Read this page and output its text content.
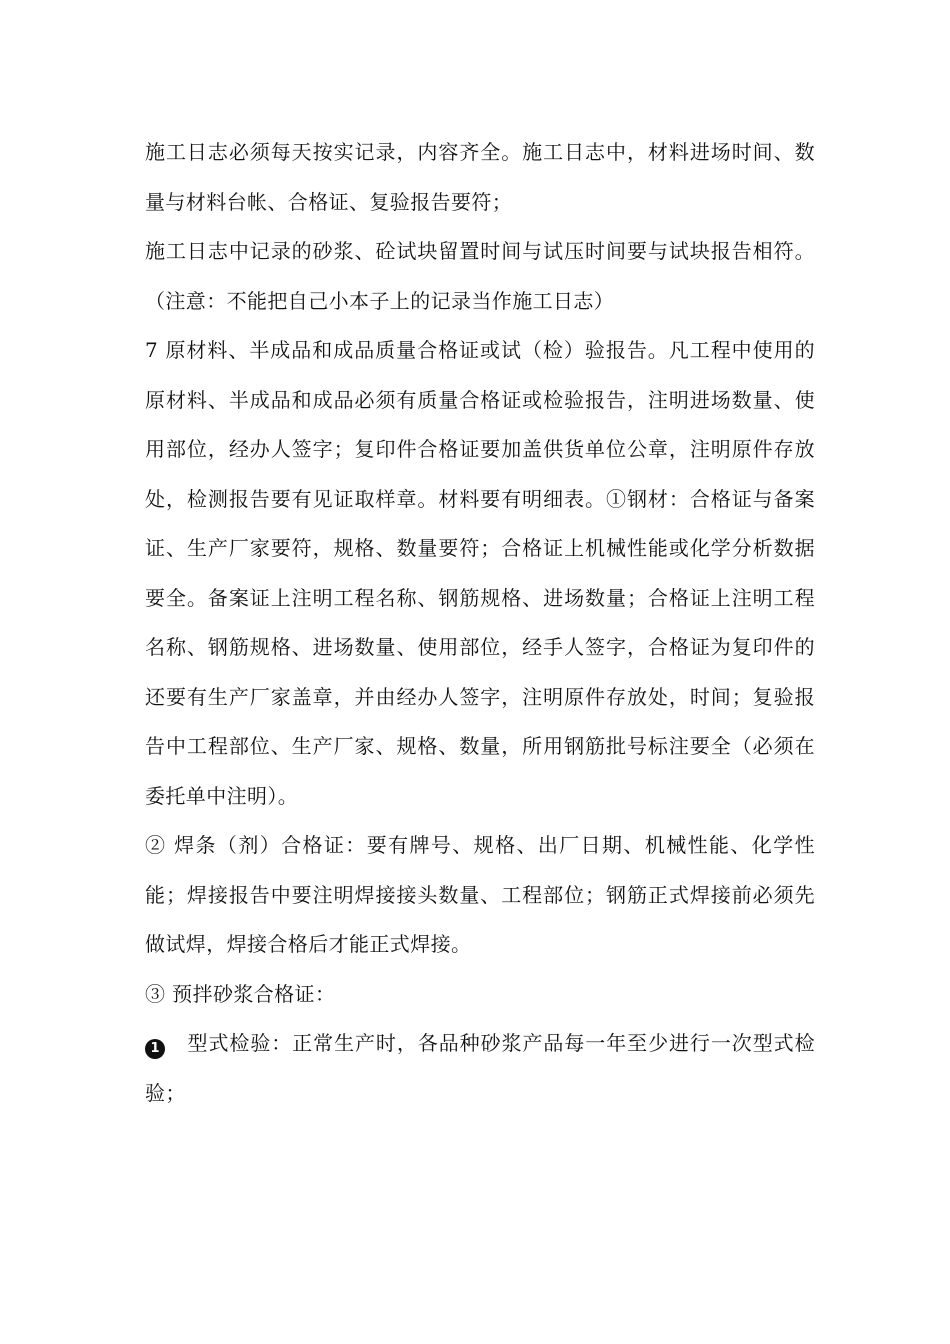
施工日志必须每天按实记录，内容齐全。施工日志中，材料进场时间、数量与材料台帐、合格证、复验报告要符；

施工日志中记录的砂浆、砼试块留置时间与试压时间要与试块报告相符。（注意：不能把自己小本子上的记录当作施工日志）

7 原材料、半成品和成品质量合格证或试（检）验报告。凡工程中使用的原材料、半成品和成品必须有质量合格证或检验报告，注明进场数量、使用部位，经办人签字；复印件合格证要加盖供货单位公章，注明原件存放处，检测报告要有见证取样章。材料要有明细表。①钢材：合格证与备案证、生产厂家要符，规格、数量要符；合格证上机械性能或化学分析数据要全。备案证上注明工程名称、钢筋规格、进场数量；合格证上注明工程名称、钢筋规格、进场数量、使用部位，经手人签字，合格证为复印件的还要有生产厂家盖章，并由经办人签字，注明原件存放处，时间；复验报告中工程部位、生产厂家、规格、数量，所用钢筋批号标注要全（必须在委托单中注明）。

② 焊条（剂）合格证：要有牌号、规格、出厂日期、机械性能、化学性能；焊接报告中要注明焊接接头数量、工程部位；钢筋正式焊接前必须先做试焊，焊接合格后才能正式焊接。

③ 预拌砂浆合格证：

1 型式检验：正常生产时，各品种砂浆产品每一年至少进行一次型式检验；
